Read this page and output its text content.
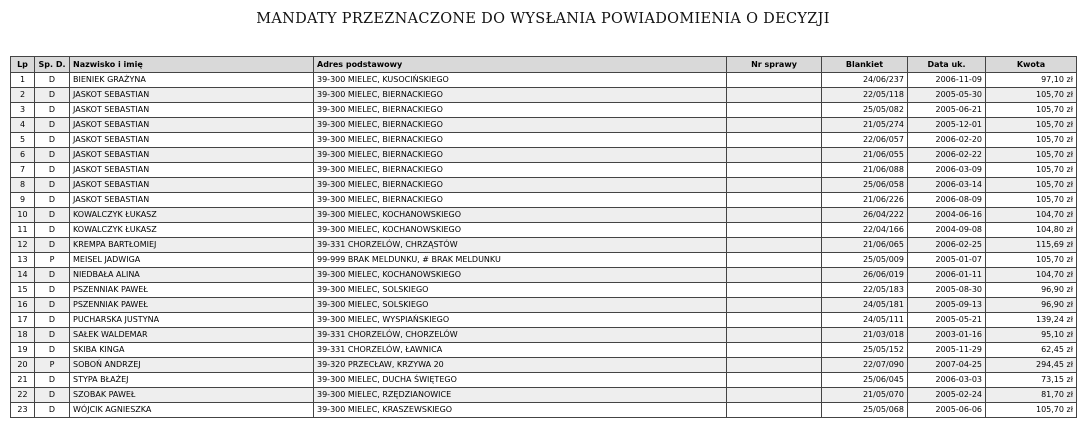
MANDATY PRZEZNACZONE DO WYSŁANIA POWIADOMIENIA O DECYZJI
Lp	Sp. D.	Nazwisko i imię	Adres podstawowy	Nr sprawy	Blankiet	Data uk.	Kwota
1	D	BIENIEK GRAŻYNA	39-300 MIELEC, KUSOCIŃSKIEGO		24/06/237	2006-11-09	97,10 zł
2	D	JASKOT SEBASTIAN	39-300 MIELEC, BIERNACKIEGO		22/05/118	2005-05-30	105,70 zł
3	D	JASKOT SEBASTIAN	39-300 MIELEC, BIERNACKIEGO		25/05/082	2005-06-21	105,70 zł
4	D	JASKOT SEBASTIAN	39-300 MIELEC, BIERNACKIEGO		21/05/274	2005-12-01	105,70 zł
5	D	JASKOT SEBASTIAN	39-300 MIELEC, BIERNACKIEGO		22/06/057	2006-02-20	105,70 zł
6	D	JASKOT SEBASTIAN	39-300 MIELEC, BIERNACKIEGO		21/06/055	2006-02-22	105,70 zł
7	D	JASKOT SEBASTIAN	39-300 MIELEC, BIERNACKIEGO		21/06/088	2006-03-09	105,70 zł
8	D	JASKOT SEBASTIAN	39-300 MIELEC, BIERNACKIEGO		25/06/058	2006-03-14	105,70 zł
9	D	JASKOT SEBASTIAN	39-300 MIELEC, BIERNACKIEGO		21/06/226	2006-08-09	105,70 zł
10	D	KOWALCZYK ŁUKASZ	39-300 MIELEC, KOCHANOWSKIEGO		26/04/222	2004-06-16	104,70 zł
11	D	KOWALCZYK ŁUKASZ	39-300 MIELEC, KOCHANOWSKIEGO		22/04/166	2004-09-08	104,80 zł
12	D	KREMPA BARTŁOMIEJ	39-331 CHORZELÓW, CHRZĄSTÓW		21/06/065	2006-02-25	115,69 zł
13	P	MEISEL JADWIGA	99-999 BRAK MELDUNKU, # BRAK MELDUNKU		25/05/009	2005-01-07	105,70 zł
14	D	NIEDBAŁA ALINA	39-300 MIELEC, KOCHANOWSKIEGO		26/06/019	2006-01-11	104,70 zł
15	D	PSZENNIAK PAWEŁ	39-300 MIELEC, SOLSKIEGO		22/05/183	2005-08-30	96,90 zł
16	D	PSZENNIAK PAWEŁ	39-300 MIELEC, SOLSKIEGO		24/05/181	2005-09-13	96,90 zł
17	D	PUCHARSKA JUSTYNA	39-300 MIELEC, WYSPIAŃSKIEGO		24/05/111	2005-05-21	139,24 zł
18	D	SAŁEK WALDEMAR	39-331 CHORZELÓW, CHORZELÓW		21/03/018	2003-01-16	95,10 zł
19	D	SKIBA KINGA	39-331 CHORZELÓW, ŁAWNICA		25/05/152	2005-11-29	62,45 zł
20	P	SOBOŃ ANDRZEJ	39-320 PRZECŁAW, KRZYWA 20		22/07/090	2007-04-25	294,45 zł
21	D	STYPA BŁAŻEJ	39-300 MIELEC, DUCHA ŚWIĘTEGO		25/06/045	2006-03-03	73,15 zł
22	D	SZOBAK PAWEŁ	39-300 MIELEC, RZĘDZIANOWICE		21/05/070	2005-02-24	81,70 zł
23	D	WÓJCIK AGNIESZKA	39-300 MIELEC, KRASZEWSKIEGO		25/05/068	2005-06-06	105,70 zł
